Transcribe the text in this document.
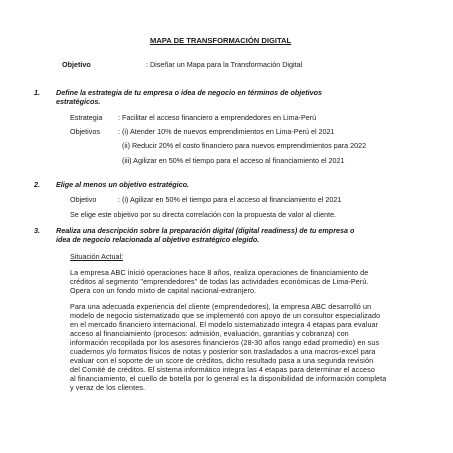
MAPA DE TRANSFORMACIÓN DIGITAL
Objetivo	: Diseñar un Mapa para la Transformación Digital
1. Define la estrategia de tu empresa o idea de negocio en términos de objetivos
estratégicos.
Estrategia : Facilitar el acceso financiero a emprendedores en Lima-Perú
Objetivos	: (i) Atender 10% de nuevos emprendimientos en Lima-Perú el 2021
(ii) Reducir 20% el costo financiero para nuevos emprendimientos para 2022
(iii) Agilizar en 50% el tiempo para el acceso al financiamiento el 2021
2. Elige al menos un objetivo estratégico.
Objetivo	: (i) Agilizar en 50% el tiempo para el acceso al financiamiento el 2021
Se elige este objetivo por su directa correlación con la propuesta de valor al cliente.
3. Realiza una descripción sobre la preparación digital (digital readiness) de tu empresa o
idea de negocio relacionada al objetivo estratégico elegido.
Situación Actual:
La empresa ABC inició operaciones hace 8 años, realiza operaciones de financiamiento de
créditos al segmento "emprendedores" de todas las actividades económicas de Lima-Perú.
Opera con un fondo mixto de capital nacional-extranjero.
Para una adecuada experiencia del cliente (emprendedores), la empresa ABC desarrolló un
modelo de negocio sistematizado que se implementó con apoyo de un consultor especializado
en el mercado financiero internacional. El modelo sistematizado integra 4 etapas para evaluar
acceso al financiamiento (procesos: admisión, evaluación, garantías y cobranza) con
información recopilada por los asesores financieros (28-30 años rango edad promedio) en sus
cuadernos y/o formatos físicos de notas y posterior son trasladados a una macros-excel para
evaluar con el soporte de un score de créditos, dicho resultado pasa a una segunda revisión
del Comité de créditos. El sistema informático integra las 4 etapas para determinar el acceso
al financiamiento, el cuello de botella por lo general es la disponibilidad de información completa
y veraz de los clientes.
